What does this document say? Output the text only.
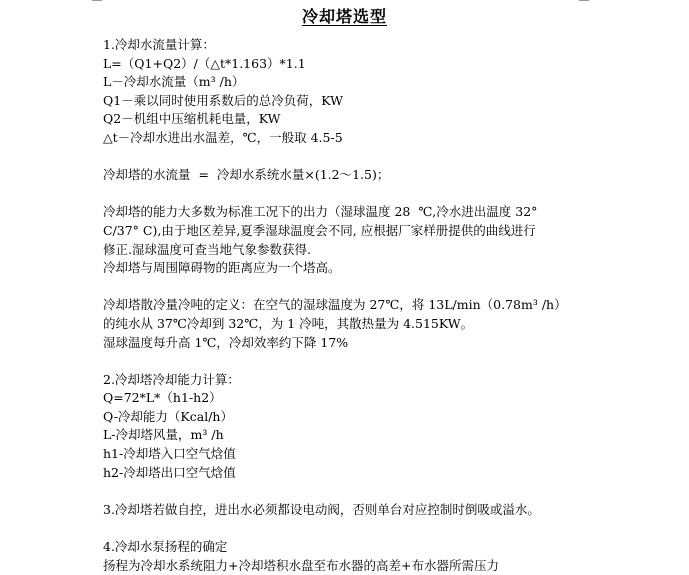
冷却塔选型
1.冷却水流量计算：
L=（Q1+Q2）/（△t*1.163）*1.1
L－冷却水流量（m³ /h）
Q1－乘以同时使用系数后的总冷负荷，KW
Q2－机组中压缩机耗电量，KW
△t－冷却水进出水温差，℃，一般取 4.5-5
冷却塔的水流量  =  冷却水系统水量×(1.2～1.5)；
冷却塔的能力大多数为标准工况下的出力（湿球温度 28  ℃,冷水进出温度 32°
C/37° C),由于地区差异,夏季湿球温度会不同, 应根据厂家样册提供的曲线进行
修正.湿球温度可查当地气象参数获得.
冷却塔与周围障碍物的距离应为一个塔高。
冷却塔散冷量冷吨的定义：在空气的湿球温度为 27℃，将 13L/min（0.78m³ /h）
的纯水从 37℃冷却到 32℃，为 1 冷吨，其散热量为 4.515KW。
湿球温度每升高 1℃，冷却效率约下降 17%
2.冷却塔冷却能力计算：
Q=72*L*（h1-h2）
Q-冷却能力（Kcal/h）
L-冷却塔风量，m³ /h
h1-冷却塔入口空气焓值
h2-冷却塔出口空气焓值
3.冷却塔若做自控，进出水必须都设电动阀，否则单台对应控制时倒吸或溢水。
4.冷却水泵扬程的确定
扬程为冷却水系统阻力+冷却塔积水盘至布水器的高差+布水器所需压力
